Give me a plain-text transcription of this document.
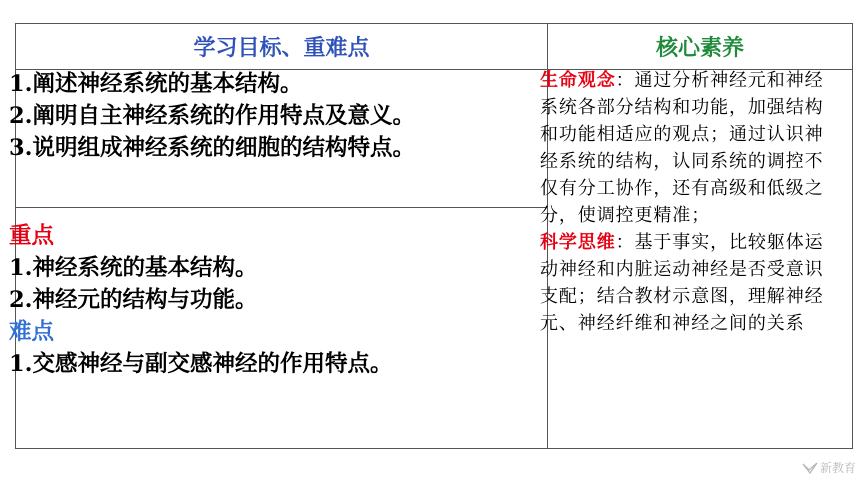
学习目标、重难点	核心素养
1.阐述神经系统的基本结构。
2.阐明自主神经系统的作用特点及意义。
3.说明组成神经系统的细胞的结构特点。
重点
1.神经系统的基本结构。
2.神经元的结构与功能。
难点
1.交感神经与副交感神经的作用特点。
生命观念：通过分析神经元和神经系统各部分结构和功能，加强结构和功能相适应的观点；通过认识神经系统的结构，认同系统的调控不仅有分工协作，还有高级和低级之分，使调控更精准；
科学思维：基于事实，比较躯体运动神经和内脏运动神经是否受意识支配；结合教材示意图，理解神经元、神经纤维和神经之间的关系
新教育
